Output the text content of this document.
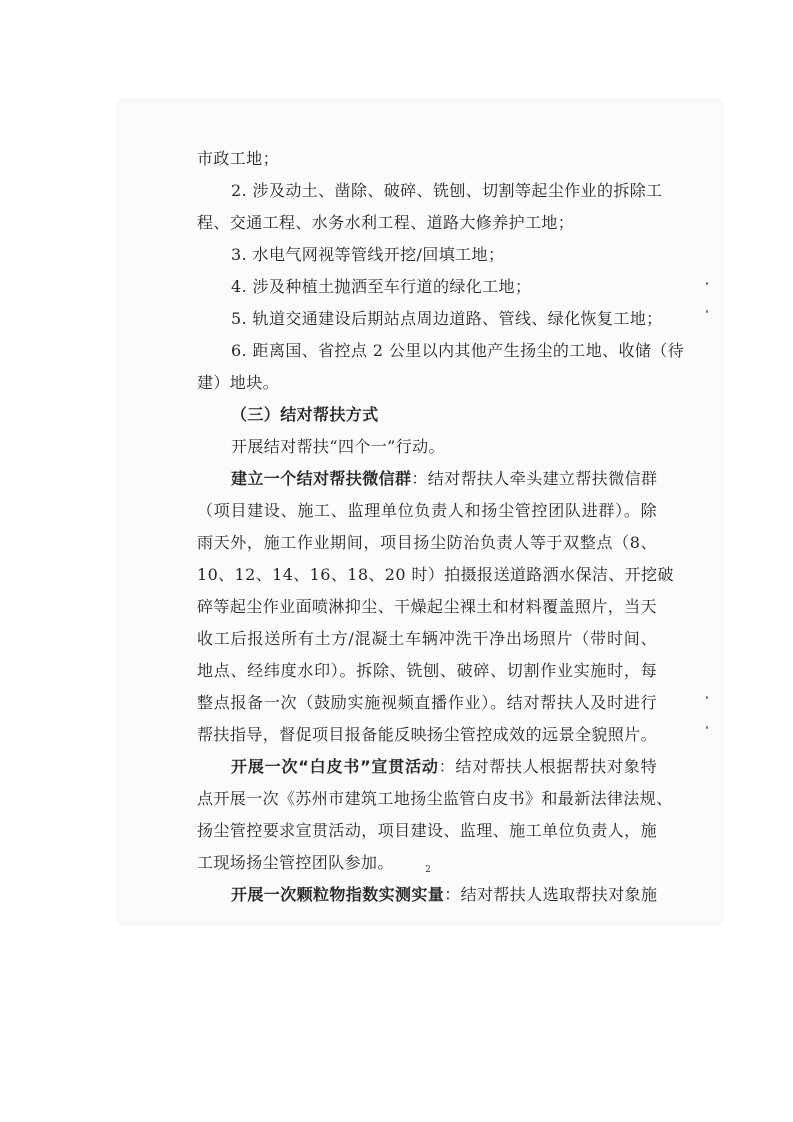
市政工地；
2. 涉及动土、凿除、破碎、铣刨、切割等起尘作业的拆除工
程、交通工程、水务水利工程、道路大修养护工地；
3. 水电气网视等管线开挖/回填工地；
4. 涉及种植土抛洒至车行道的绿化工地；
5. 轨道交通建设后期站点周边道路、管线、绿化恢复工地；
6. 距离国、省控点 2 公里以内其他产生扬尘的工地、收储（待
建）地块。
（三）结对帮扶方式
开展结对帮扶“四个一”行动。
建立一个结对帮扶微信群：结对帮扶人牵头建立帮扶微信群
（项目建设、施工、监理单位负责人和扬尘管控团队进群）。除
雨天外，施工作业期间，项目扬尘防治负责人等于双整点（8、
10、12、14、16、18、20 时）拍摄报送道路洒水保洁、开挖破
碎等起尘作业面喷淋抑尘、干燥起尘裸土和材料覆盖照片，当天
收工后报送所有土方/混凝土车辆冲洗干净出场照片（带时间、
地点、经纬度水印）。拆除、铣刨、破碎、切割作业实施时，每
整点报备一次（鼓励实施视频直播作业）。结对帮扶人及时进行
帮扶指导，督促项目报备能反映扬尘管控成效的远景全貌照片。
开展一次“白皮书”宣贯活动：结对帮扶人根据帮扶对象特
点开展一次《苏州市建筑工地扬尘监管白皮书》和最新法律法规、
扬尘管控要求宣贯活动，项目建设、监理、施工单位负责人，施
工现场扬尘管控团队参加。
开展一次颗粒物指数实测实量：结对帮扶人选取帮扶对象施
2
